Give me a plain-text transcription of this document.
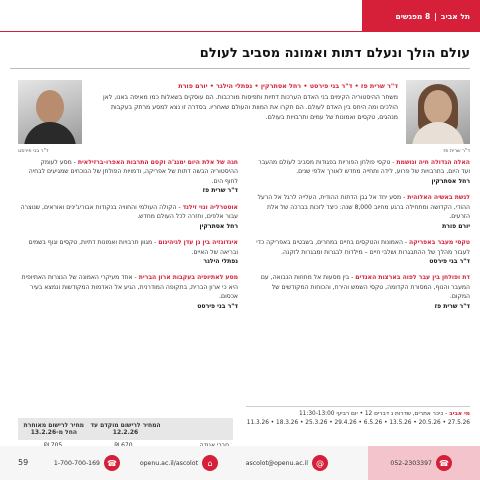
תל אביב
|
8 מפגשים
עולם הולך ונעלם דתות ואמונה מסביב לעולם
ד"ר שרית פז
ד"ר בני פירסט
ד"ר שרית פז • ד"ר בני פירסט • רחל אסתרקין • נפתלי הילגר • יורם פורת

משחר ההיסטוריה הקימים בני האדם הערכות דתיות ותפיסות מורכבות. הם עוסקים בשאלות כמו מאיפה באנו, לאן הולכים ומה היחס בין האדם לעולם. הם חקרו את המוות והעולם שאחריו. בסדרה זו נצא למסע מרתק בעקבות מנהגים, טקסים ואמונות של עמים ותרבויות בעולם.

האלה הגדולה חיה ונושמת - טקסי פולחן הפוריות בפגודות מסביב לעולם מהעבר ועד היום, בתרבויות של פרוע, לידה ותחייה מחדש לאורך אלפי שנים.
רחל אסתרקין
לנשת באשיה האלוהית - מסע יחד אל גבן הדתות ההודית, העלייה לרגל אל הרעל ההודי, הקדושה ומתחילה ברגע מחיוב 8,000 שנה: כיצד לזכות בברכה של אלת הזרעים.
יורם פורת
טקסי מעבר באפריקה - האמונות והטקסים בחיים במחרים, בשבטים באפריקה כדי לעבור מהלך של ההתבגרות ושלבי חיים – מילדות לבגרות ומבגרות לזקנה.
ד"ר בני פירסט
דת ופולחן בין עבר לפוה בארצות האנדים - בין מסעות אל מחוזות הנבואה, עם המעבר והנוף, המסורת הקדומה, טקסי השמש והירח, והכוחות המקודשים של המקום.
ד"ר שרית פז
חגה של אלת היום ימנג'ה וקסם התרבות האפרו-ברזילאית - מסע לעומק ההיסטוריה הבשה דתות של אפריקה, ודמויות הפולחן של הנוכחים שמגיעים לבחיה לחוף הים.
ד"ר שרית פז
אוסטרליה ונוי זילנד - הקולה העולמי והחוויה בנקודות אבוריג'ינים ואוראים, שנוצרה עבור אלפים, וחזרה לכל העולם מחדש.
רחל אסתרקין
אינדונזיה בין גן עדן לגיהינום - מגוון תרבויות ואמונות דתיות, טקסים וגוף בשמים ובריאה של האיים.
נפתלי הילגר
מסע לאתיופיה בעקבות ארון הברית - אחד מעיקרי האמונה של הנצרות האתיופית היא כי ארון הברית, בתקופה המודרנית, הגיע אל האדמות המקודשות ונמצא בעיר אכסום.
ד"ר בני פירסט
מי אביב - כיכר אתרים, שדרות נ דברים 12 • יום רביעי 11:30-13:00
27.5.26 • 20.5.26 • 13.5.26 • 6.5.26 • 29.4.26 • 25.3.26 • 18.3.26 • 11.3.26
המחיר לרישום מוקדם עד 12.2.26
מחיר לרישום מאוחרת החל מ-13.2.26
052-2303397 ☎
ascolot@openu.ac.il	@
openu.ac.il/ascolot	⌂
1-700-700-169 ☎
59
